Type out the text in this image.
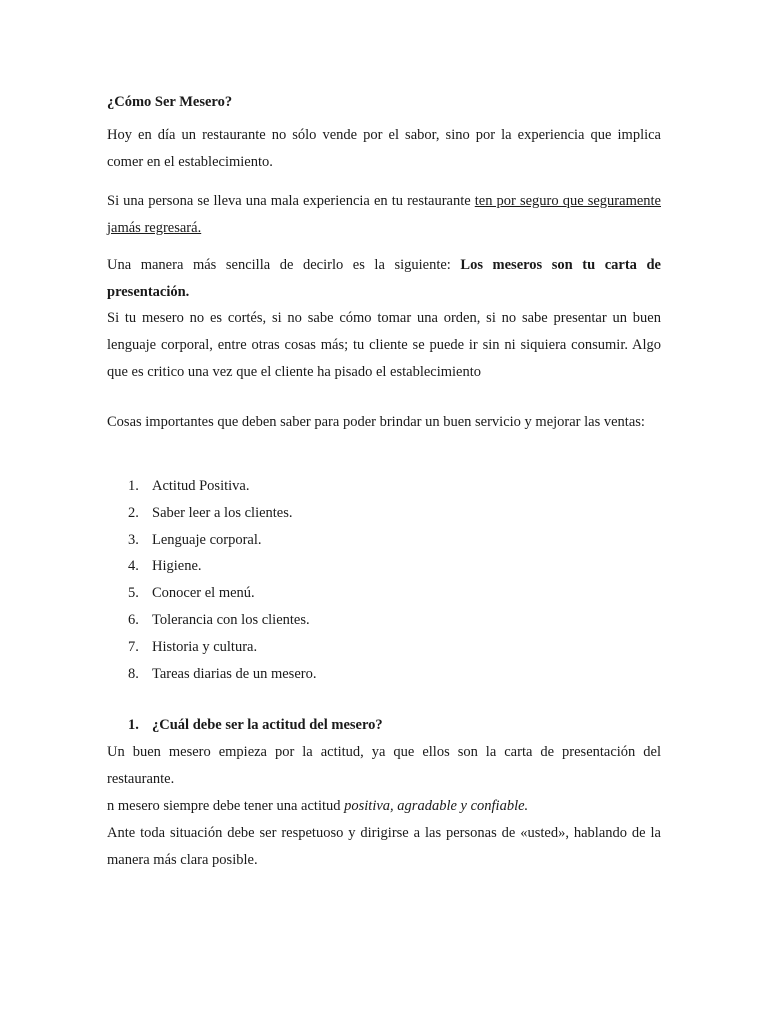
¿Cómo Ser Mesero?

Hoy en día un restaurante no sólo vende por el sabor, sino por la experiencia que implica comer en el establecimiento.

Si una persona se lleva una mala experiencia en tu restaurante ten por seguro que seguramente jamás regresará.

Una manera más sencilla de decirlo es la siguiente: Los meseros son tu carta de presentación.

Si tu mesero no es cortés, si no sabe cómo tomar una orden, si no sabe presentar un buen lenguaje corporal, entre otras cosas más; tu cliente se puede ir sin ni siquiera consumir. Algo que es critico una vez que el cliente ha pisado el establecimiento

Cosas importantes que deben saber para poder brindar un buen servicio y mejorar las ventas:

1. Actitud Positiva.
2. Saber leer a los clientes.
3. Lenguaje corporal.
4. Higiene.
5. Conocer el menú.
6. Tolerancia con los clientes.
7. Historia y cultura.
8. Tareas diarias de un mesero.

1. ¿Cuál debe ser la actitud del mesero?

Un buen mesero empieza por la actitud, ya que ellos son la carta de presentación del restaurante.

n mesero siempre debe tener una actitud positiva, agradable y confiable.

Ante toda situación debe ser respetuoso y dirigirse a las personas de «usted», hablando de la manera más clara posible.
